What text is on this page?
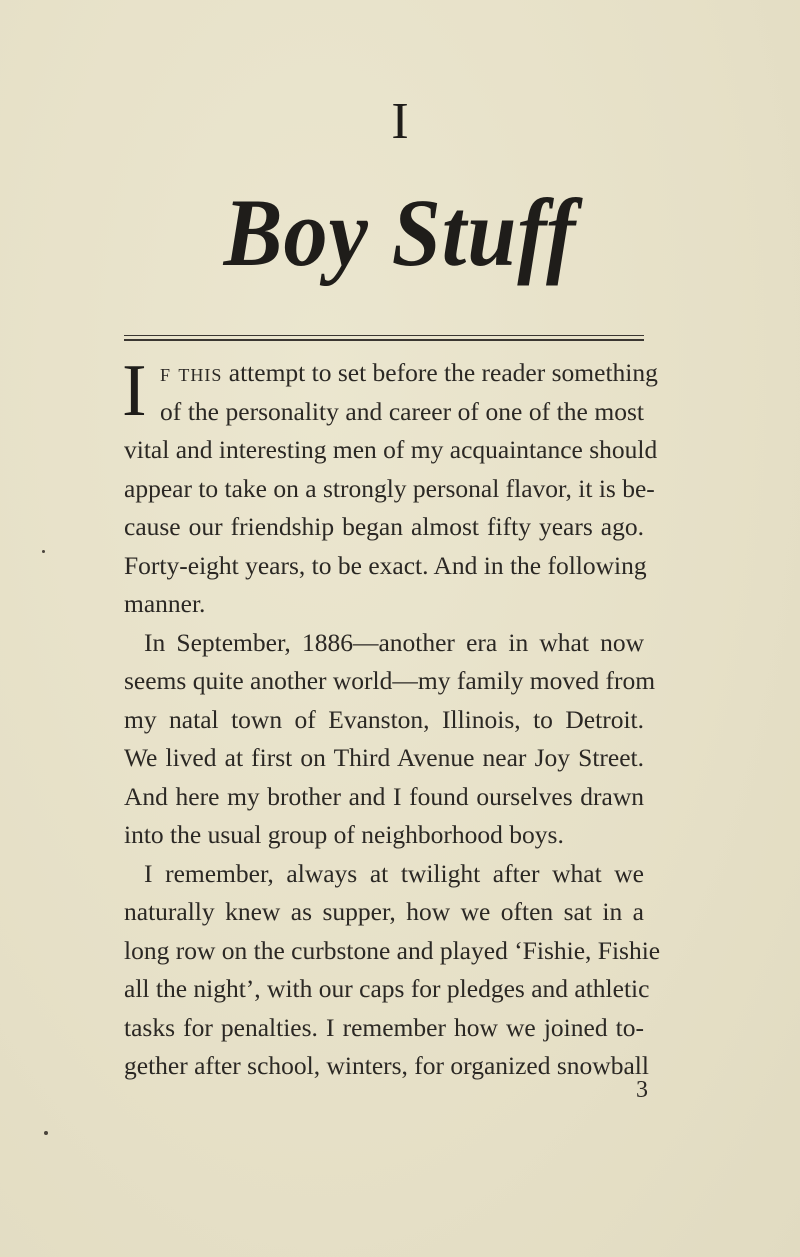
I
Boy Stuff
I f this attempt to set before the reader something
of the personality and career of one of the most
vital and interesting men of my acquaintance should
appear to take on a strongly personal flavor, it is be-
cause our friendship began almost fifty years ago.
Forty-eight years, to be exact. And in the following
manner.
In September, 1886—another era in what now
seems quite another world—my family moved from
my natal town of Evanston, Illinois, to Detroit.
We lived at first on Third Avenue near Joy Street.
And here my brother and I found ourselves drawn
into the usual group of neighborhood boys.
I remember, always at twilight after what we
naturally knew as supper, how we often sat in a
long row on the curbstone and played ‘Fishie, Fishie
all the night’, with our caps for pledges and athletic
tasks for penalties. I remember how we joined to-
gether after school, winters, for organized snowball
3
